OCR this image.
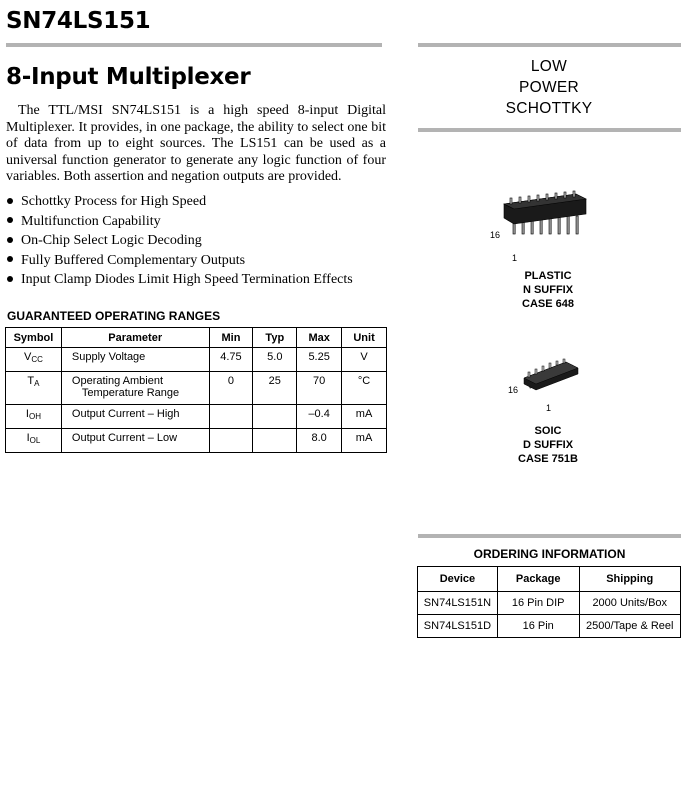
SN74LS151
8-Input Multiplexer
The TTL/MSI SN74LS151 is a high speed 8-input Digital Multiplexer. It provides, in one package, the ability to select one bit of data from up to eight sources. The LS151 can be used as a universal function generator to generate any logic function of four variables. Both assertion and negation outputs are provided.
Schottky Process for High Speed
Multifunction Capability
On-Chip Select Logic Decoding
Fully Buffered Complementary Outputs
Input Clamp Diodes Limit High Speed Termination Effects
GUARANTEED OPERATING RANGES
Symbol	Parameter	Min	Typ	Max	Unit
$V_{CC}$	Supply Voltage	4.75	5.0	5.25	V
$T_A$	Operating Ambient
Temperature Range	0	25	70	°C
$I_{OH}$	Output Current – High			–0.4	mA
$I_{OL}$	Output Current – Low			8.0	mA
LOW
POWER
SCHOTTKY
16
1
PLASTIC
N SUFFIX
CASE 648
16
1
SOIC
D SUFFIX
CASE 751B
ORDERING INFORMATION
Device	Package	Shipping
SN74LS151N	16 Pin DIP	2000 Units/Box
SN74LS151D	16 Pin	2500/Tape & Reel
